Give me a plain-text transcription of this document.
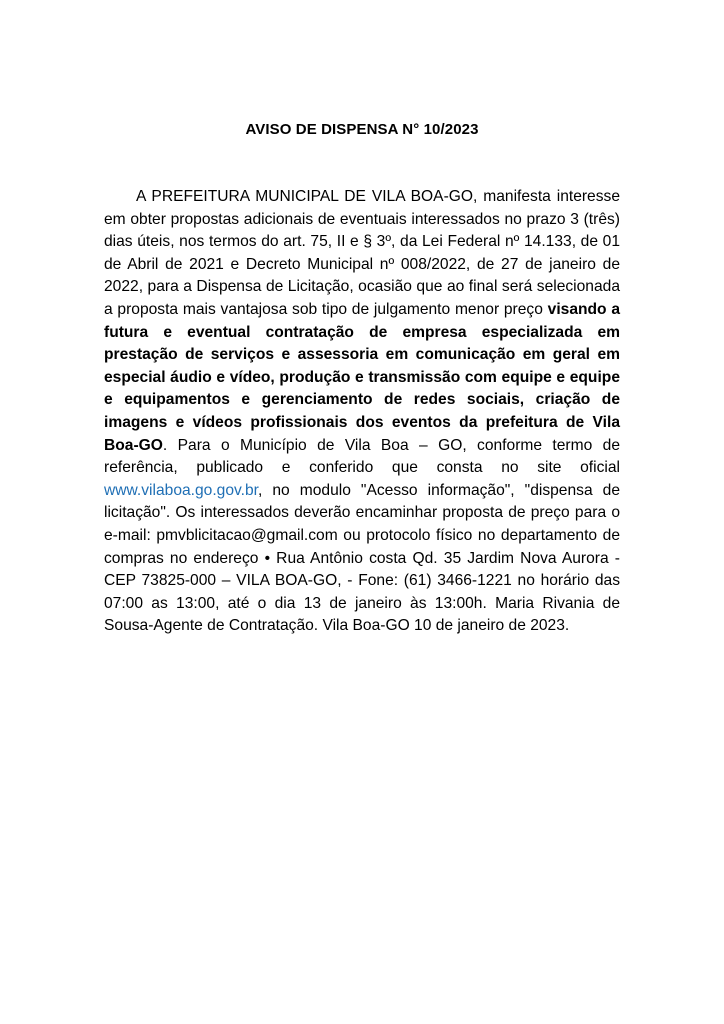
AVISO DE DISPENSA N° 10/2023

A PREFEITURA MUNICIPAL DE VILA BOA-GO, manifesta interesse em obter propostas adicionais de eventuais interessados no prazo 3 (três) dias úteis, nos termos do art. 75, II e § 3º, da Lei Federal nº 14.133, de 01 de Abril de 2021 e Decreto Municipal nº 008/2022, de 27 de janeiro de 2022, para a Dispensa de Licitação, ocasião que ao final será selecionada a proposta mais vantajosa sob tipo de julgamento menor preço visando a futura e eventual contratação de empresa especializada em prestação de serviços e assessoria em comunicação em geral em especial áudio e vídeo, produção e transmissão com equipe e equipe e equipamentos e gerenciamento de redes sociais, criação de imagens e vídeos profissionais dos eventos da prefeitura de Vila Boa-GO. Para o Município de Vila Boa – GO, conforme termo de referência, publicado e conferido que consta no site oficial www.vilaboa.go.gov.br, no modulo "Acesso informação", "dispensa de licitação". Os interessados deverão encaminhar proposta de preço para o e-mail: pmvblicitacao@gmail.com ou protocolo físico no departamento de compras no endereço • Rua Antônio costa Qd. 35 Jardim Nova Aurora - CEP 73825-000 – VILA BOA-GO, - Fone: (61) 3466-1221 no horário das 07:00 as 13:00, até o dia 13 de janeiro às 13:00h. Maria Rivania de Sousa-Agente de Contratação. Vila Boa-GO 10 de janeiro de 2023.
